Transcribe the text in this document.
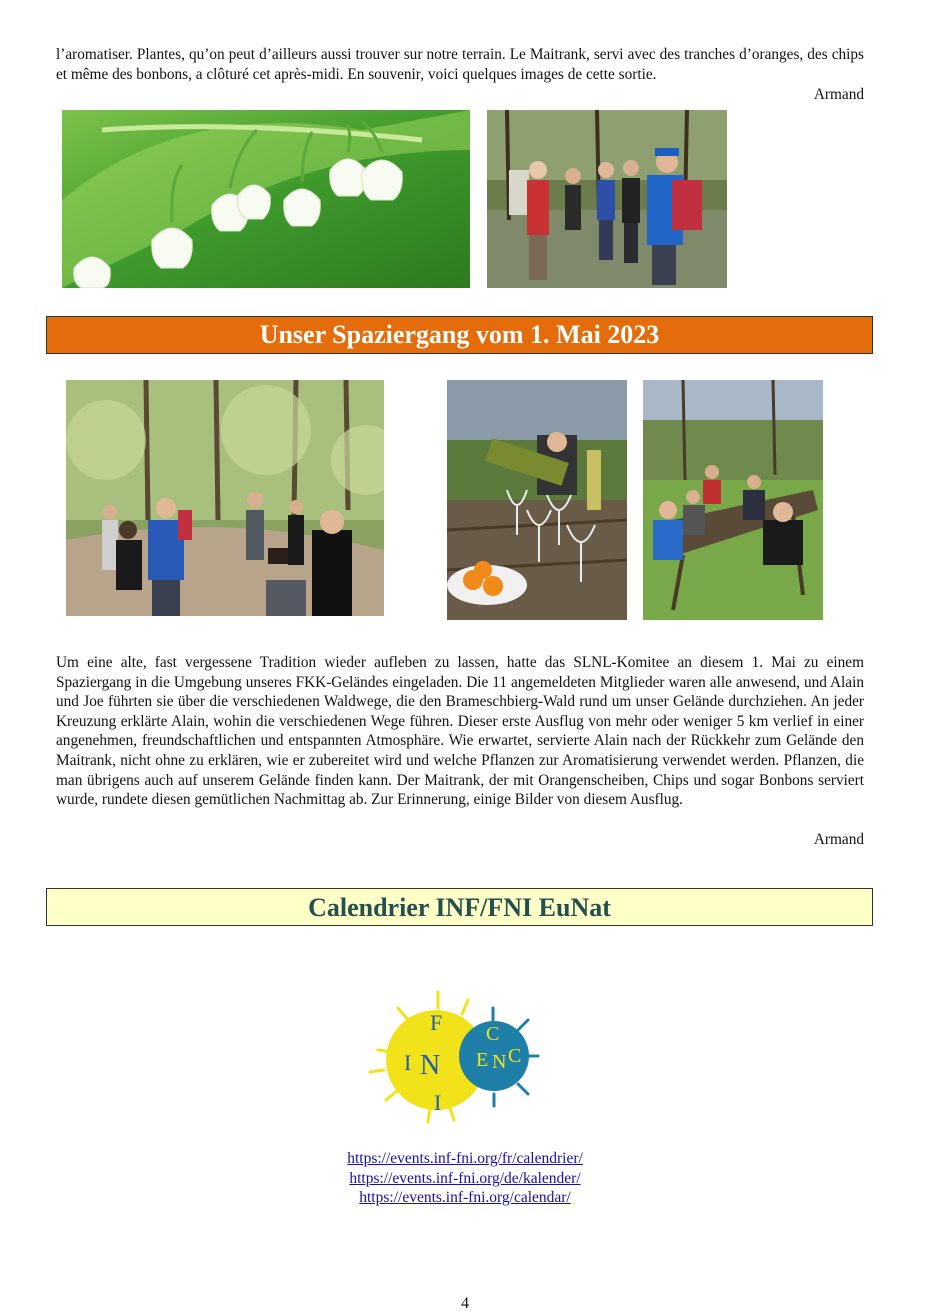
l’aromatiser. Plantes, qu’on peut d’ailleurs aussi trouver sur notre terrain. Le Maitrank, servi avec des tranches d’oranges, des chips et même des bonbons, a clôturé cet après-midi. En souvenir, voici quelques images de cette sortie.

Armand
Unser Spaziergang vom 1. Mai 2023

Um eine alte, fast vergessene Tradition wieder aufleben zu lassen, hatte das SLNL-Komitee an diesem 1. Mai zu einem Spaziergang in die Umgebung unseres FKK-Geländes eingeladen. Die 11 angemeldeten Mitglieder waren alle anwesend, und Alain und Joe führten sie über die verschiedenen Waldwege, die den Brameschbierg-Wald rund um unser Gelände durchziehen. An jeder Kreuzung erklärte Alain, wohin die verschiedenen Wege führen. Dieser erste Ausflug von mehr oder weniger 5 km verlief in einer angenehmen, freundschaftlichen und entspannten Atmosphäre. Wie erwartet, servierte Alain nach der Rückkehr zum Gelände den Maitrank, nicht ohne zu erklären, wie er zubereitet wird und welche Pflanzen zur Aromatisierung verwendet werden. Pflanzen, die man übrigens auch auf unserem Gelände finden kann. Der Maitrank, der mit Orangenscheiben, Chips und sogar Bonbons serviert wurde, rundete diesen gemütlichen Nachmittag ab. Zur Erinnerung, einige Bilder von diesem Ausflug.

Armand
Calendrier INF/FNI EuNat
F
I N
I
C
E N C
https://events.inf-fni.org/fr/calendrier/
https://events.inf-fni.org/de/kalender/
https://events.inf-fni.org/calendar/
4
